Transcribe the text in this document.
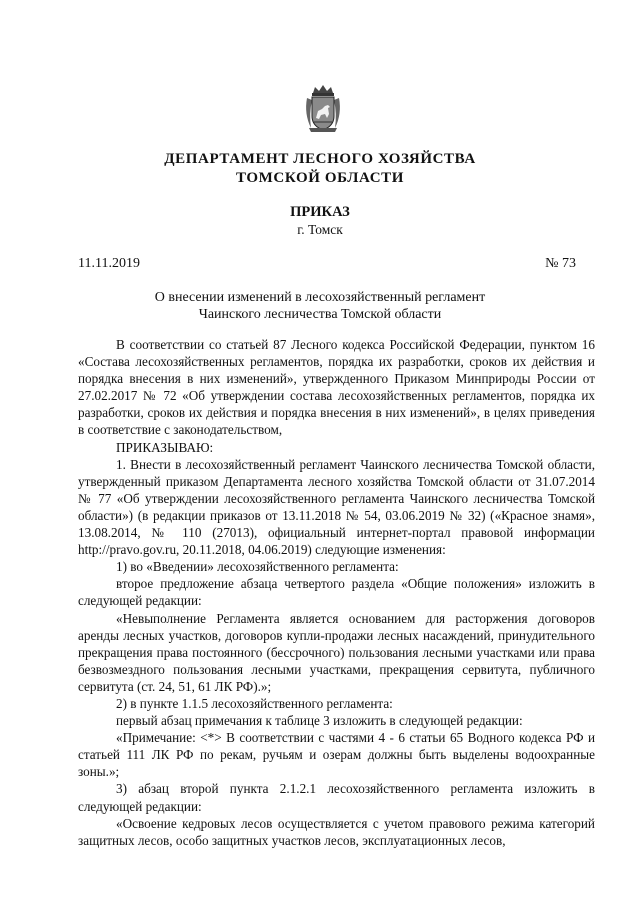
ДЕПАРТАМЕНТ ЛЕСНОГО ХОЗЯЙСТВА
ТОМСКОЙ ОБЛАСТИ
ПРИКАЗ
г. Томск
11.11.2019	№ 73
О внесении изменений в лесохозяйственный регламент
Чаинского лесничества Томской области

В соответствии со статьей 87 Лесного кодекса Российской Федерации, пунктом 16 «Состава лесохозяйственных регламентов, порядка их разработки, сроков их действия и порядка внесения в них изменений», утвержденного Приказом Минприроды России от 27.02.2017 № 72 «Об утверждении состава лесохозяйственных регламентов, порядка их разработки, сроков их действия и порядка внесения в них изменений», в целях приведения в соответствие с законодательством,

ПРИКАЗЫВАЮ:

1. Внести в лесохозяйственный регламент Чаинского лесничества Томской области, утвержденный приказом Департамента лесного хозяйства Томской области от 31.07.2014 № 77 «Об утверждении лесохозяйственного регламента Чаинского лесничества Томской области») (в редакции приказов от 13.11.2018 № 54, 03.06.2019 № 32) («Красное знамя», 13.08.2014, № 110 (27013), официальный интернет-портал правовой информации http://pravo.gov.ru, 20.11.2018, 04.06.2019) следующие изменения:

1) во «Введении» лесохозяйственного регламента:

второе предложение абзаца четвертого раздела «Общие положения» изложить в следующей редакции:

«Невыполнение Регламента является основанием для расторжения договоров аренды лесных участков, договоров купли-продажи лесных насаждений, принудительного прекращения права постоянного (бессрочного) пользования лесными участками или права безвозмездного пользования лесными участками, прекращения сервитута, публичного сервитута (ст. 24, 51, 61 ЛК РФ).»;

2) в пункте 1.1.5 лесохозяйственного регламента:

первый абзац примечания к таблице 3 изложить в следующей редакции:

«Примечание: <*> В соответствии с частями 4 - 6 статьи 65 Водного кодекса РФ и статьей 111 ЛК РФ по рекам, ручьям и озерам должны быть выделены водоохранные зоны.»;

3) абзац второй пункта 2.1.2.1 лесохозяйственного регламента изложить в следующей редакции:

«Освоение кедровых лесов осуществляется с учетом правового режима категорий защитных лесов, особо защитных участков лесов, эксплуатационных лесов,
